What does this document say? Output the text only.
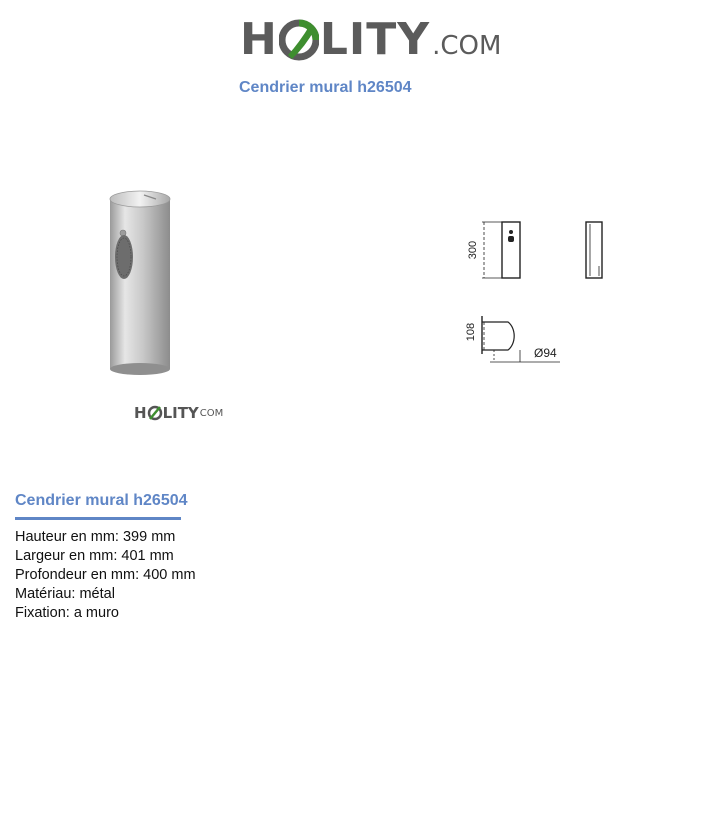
H LITY .COM
Cendrier mural h26504
H LITY COM
300
108
Ø94
Cendrier mural h26504
Hauteur en mm: 399 mm
Largeur en mm: 401 mm
Profondeur en mm: 400 mm
Matériau: métal
Fixation: a muro
